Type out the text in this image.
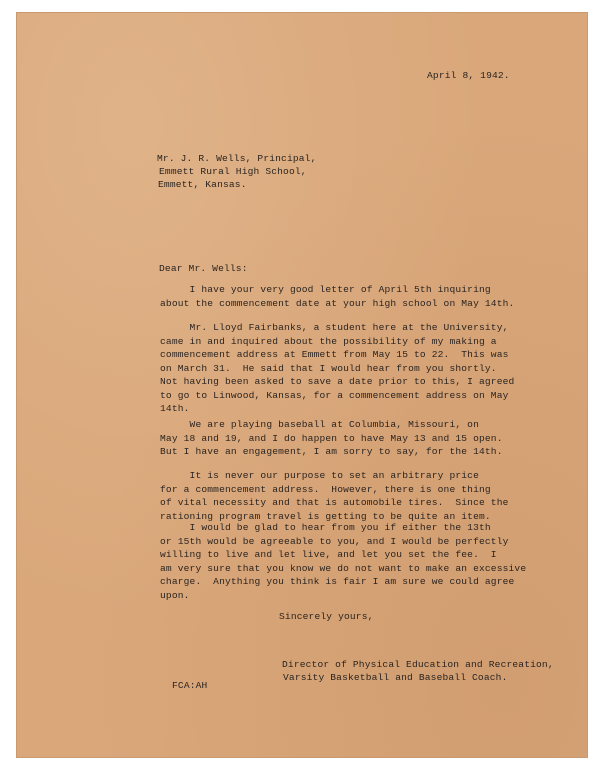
April 8, 1942.
Mr. J. R. Wells, Principal,
Emmett Rural High School,
Emmett, Kansas.
Dear Mr. Wells:
I have your very good letter of April 5th inquiring
about the commencement date at your high school on May 14th.
Mr. Lloyd Fairbanks, a student here at the University,
came in and inquired about the possibility of my making a
commencement address at Emmett from May 15 to 22.  This was
on March 31.  He said that I would hear from you shortly.
Not having been asked to save a date prior to this, I agreed
to go to Linwood, Kansas, for a commencement address on May
14th.
We are playing baseball at Columbia, Missouri, on
May 18 and 19, and I do happen to have May 13 and 15 open.
But I have an engagement, I am sorry to say, for the 14th.
It is never our purpose to set an arbitrary price
for a commencement address.  However, there is one thing
of vital necessity and that is automobile tires.  Since the
rationing program travel is getting to be quite an item.
I would be glad to hear from you if either the 13th
or 15th would be agreeable to you, and I would be perfectly
willing to live and let live, and let you set the fee.  I
am very sure that you know we do not want to make an excessive
charge.  Anything you think is fair I am sure we could agree
upon.
Sincerely yours,
Director of Physical Education and Recreation,
Varsity Basketball and Baseball Coach.
FCA:AH
